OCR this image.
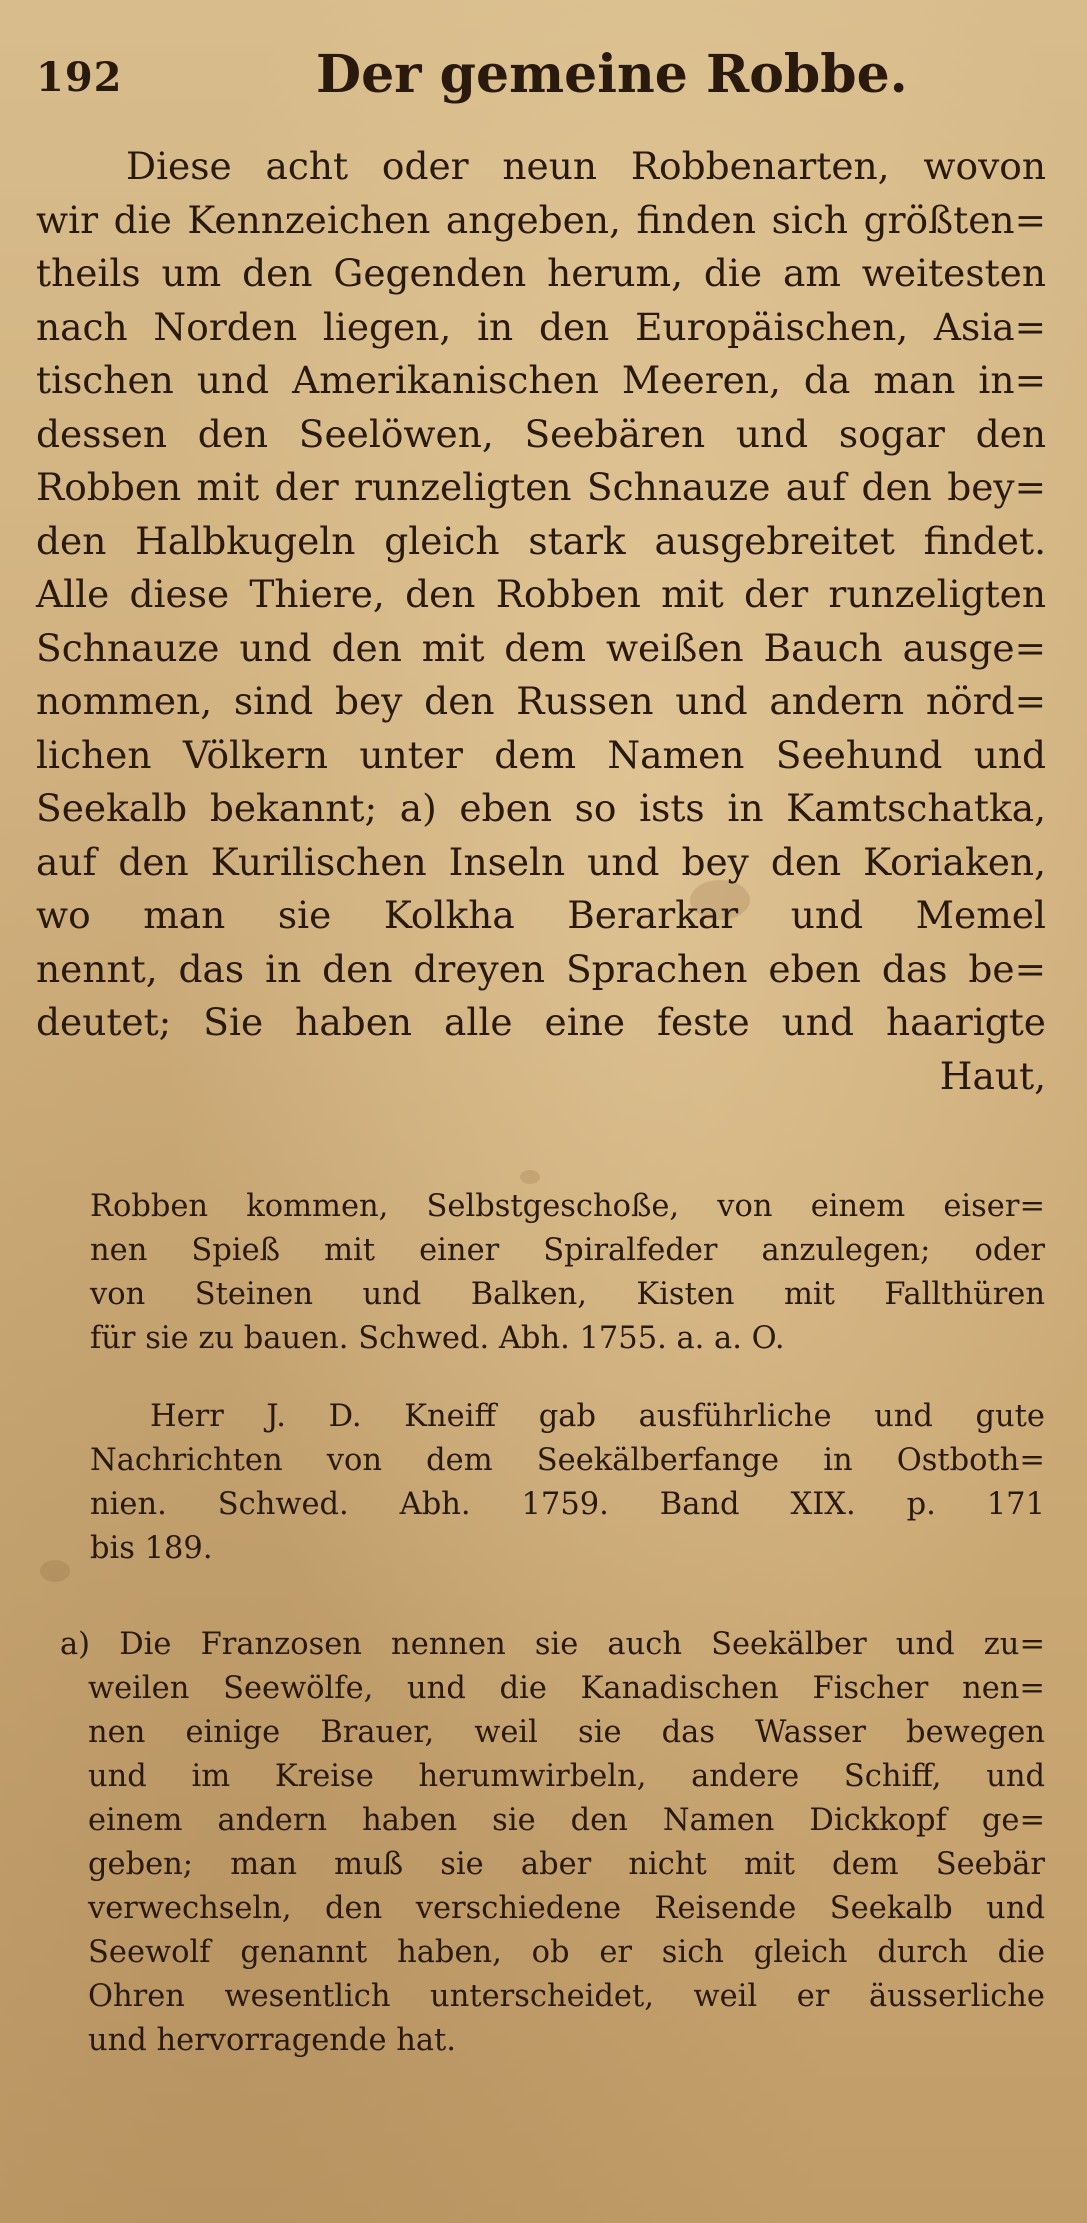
192	Der gemeine Robbe.
Diese acht oder neun Robbenarten, wovon
wir die Kennzeichen angeben, finden sich größten=
theils um den Gegenden herum, die am weitesten
nach Norden liegen, in den Europäischen, Asia=
tischen und Amerikanischen Meeren, da man in=
dessen den Seelöwen, Seebären und sogar den
Robben mit der runzeligten Schnauze auf den bey=
den Halbkugeln gleich stark ausgebreitet findet.
Alle diese Thiere, den Robben mit der runzeligten
Schnauze und den mit dem weißen Bauch ausge=
nommen, sind bey den Russen und andern nörd=
lichen Völkern unter dem Namen Seehund und
Seekalb bekannt; a) eben so ists in Kamtschatka,
auf den Kurilischen Inseln und bey den Koriaken,
wo man sie Kolkha Berarkar und Memel
nennt, das in den dreyen Sprachen eben das be=
deutet; Sie haben alle eine feste und haarigte
Haut,
Robben kommen, Selbstgeschoße, von einem eiser=
nen Spieß mit einer Spiralfeder anzulegen; oder
von Steinen und Balken, Kisten mit Fallthüren
für sie zu bauen. Schwed. Abh. 1755. a. a. O.
Herr J. D. Kneiff gab ausführliche und gute
Nachrichten von dem Seekälberfange in Ostboth=
nien. Schwed. Abh. 1759. Band XIX. p. 171
bis 189.
a) Die Franzosen nennen sie auch Seekälber und zu=
weilen Seewölfe, und die Kanadischen Fischer nen=
nen einige Brauer, weil sie das Wasser bewegen
und im Kreise herumwirbeln, andere Schiff, und
einem andern haben sie den Namen Dickkopf ge=
geben; man muß sie aber nicht mit dem Seebär
verwechseln, den verschiedene Reisende Seekalb und
Seewolf genannt haben, ob er sich gleich durch die
Ohren wesentlich unterscheidet, weil er äusserliche
und hervorragende hat.
